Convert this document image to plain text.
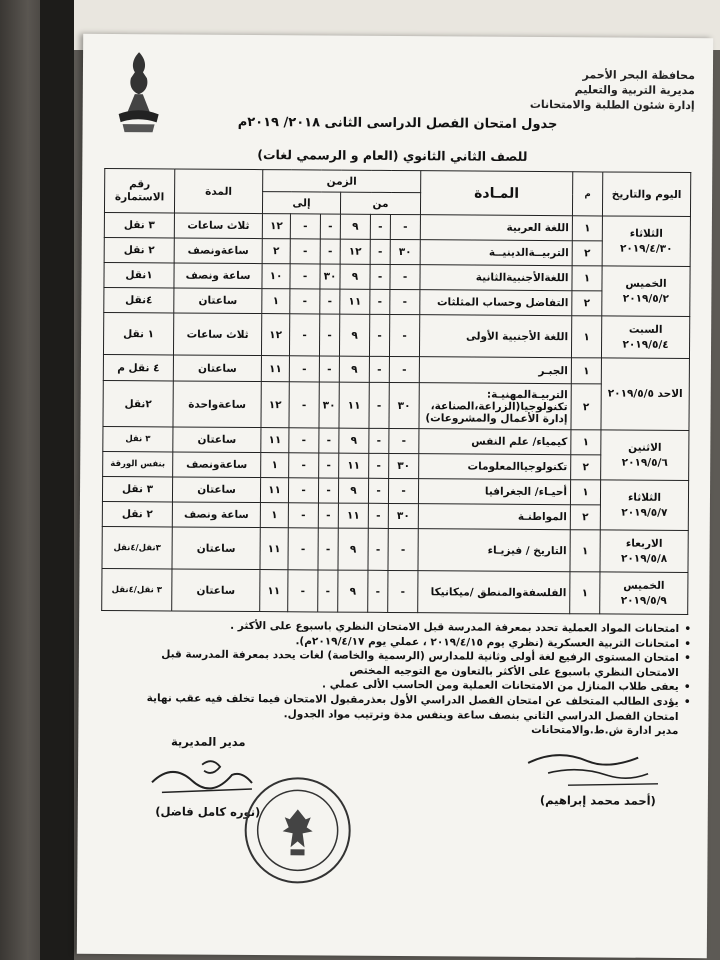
محافظة البحر الأحمر
مديرية التربية والتعليم
إدارة شئون الطلبة والامتحانات
جدول امتحان الفصل الدراسى الثانى ٢٠١٨/ ٢٠١٩م
للصف الثاني الثانوي (العام و الرسمي لغات)
اليوم والتاريخ	م	المـادة	الزمن						المدة	رقم الاستمارة
			من			إلى				
الثلاثاء ٢٠١٩/٤/٣٠	١	اللغة العربية	-	-	٩	-	-	١٢	ثلاث ساعات	٣ نقل
	٢	التربيــةالدينيــة	٣٠	-	١٢	-	-	٢	ساعةونصف	٢ نقل
الخميس ٢٠١٩/٥/٢	١	اللغةالأجنبيةالثانية	-	-	٩	٣٠	-	١٠	ساعة ونصف	١نقل
	٢	التفاضل وحساب المثلثات	-	-	١١	-	-	١	ساعتان	٤نقل
السبت ٢٠١٩/٥/٤	١	اللغة الأجنبية الأولى	-	-	٩	-	-	١٢	ثلاث ساعات	١ نقل
الاحد ٢٠١٩/٥/٥	١	الجبـر	-	-	٩	-	-	١١	ساعتان	٤ نقل م
	٢	التربيـةالمهنيـة: تكنولوجيا(الزراعة،الصناعة، إدارة الأعمال والمشروعات)	٣٠	-	١١	٣٠	-	١٢	ساعةواحدة	٢نقل
الاثنين ٢٠١٩/٥/٦	١	كيمياء/ علم النفس	-	-	٩	-	-	١١	ساعتان	٣ نقل
	٢	تكنولوجياالمعلومات	٣٠	-	١١	-	-	١	ساعةونصف	بنفس الورقة
الثلاثاء ٢٠١٩/٥/٧	١	أحيـاء/ الجغرافيا	-	-	٩	-	-	١١	ساعتان	٣ نقل
	٢	المواطنـة	٣٠	-	١١	-	-	١	ساعة ونصف	٢ نقل
الاربعاء ٢٠١٩/٥/٨	١	التاريخ / فيزيـاء	-	-	٩	-	-	١١	ساعتان	٣نقل/٤نقل
الخميس ٢٠١٩/٥/٩	١	الفلسفةوالمنطق /ميكانيكا	-	-	٩	-	-	١١	ساعتان	٣ نقل/٤نقل
• امتحانات المواد العملية تحدد بمعرفة المدرسة قبل الامتحان النظري باسبوع على الأكثر .
• امتحانات التربية العسكرية (نظري يوم ٢٠١٩/٤/١٥ ، عملي يوم ٢٠١٩/٤/١٧م).
• امتحان المستوى الرفيع لغة أولى وثانية للمدارس (الرسمية والخاصة) لغات يحدد بمعرفة المدرسة قبل الامتحان النظري باسبوع على الأكثر بالتعاون مع التوجيه المختص
• يعفى طلاب المنازل من الامتحانات العملية ومن الحاسب الألى عملي .
• يؤدى الطالب المتخلف عن امتحان الفصل الدراسي الأول بعذرمقبول الامتحان فيما تخلف فيه عقب نهاية امتحان الفصل الدراسي الثاني بنصف ساعة وبنفس مدة وترتيب مواد الجدول.
مدير ادارة ش.ط.والامتحانات
مدير المديرية
(نوره كامل فاضل)
(أحمد محمد إبراهيم)
